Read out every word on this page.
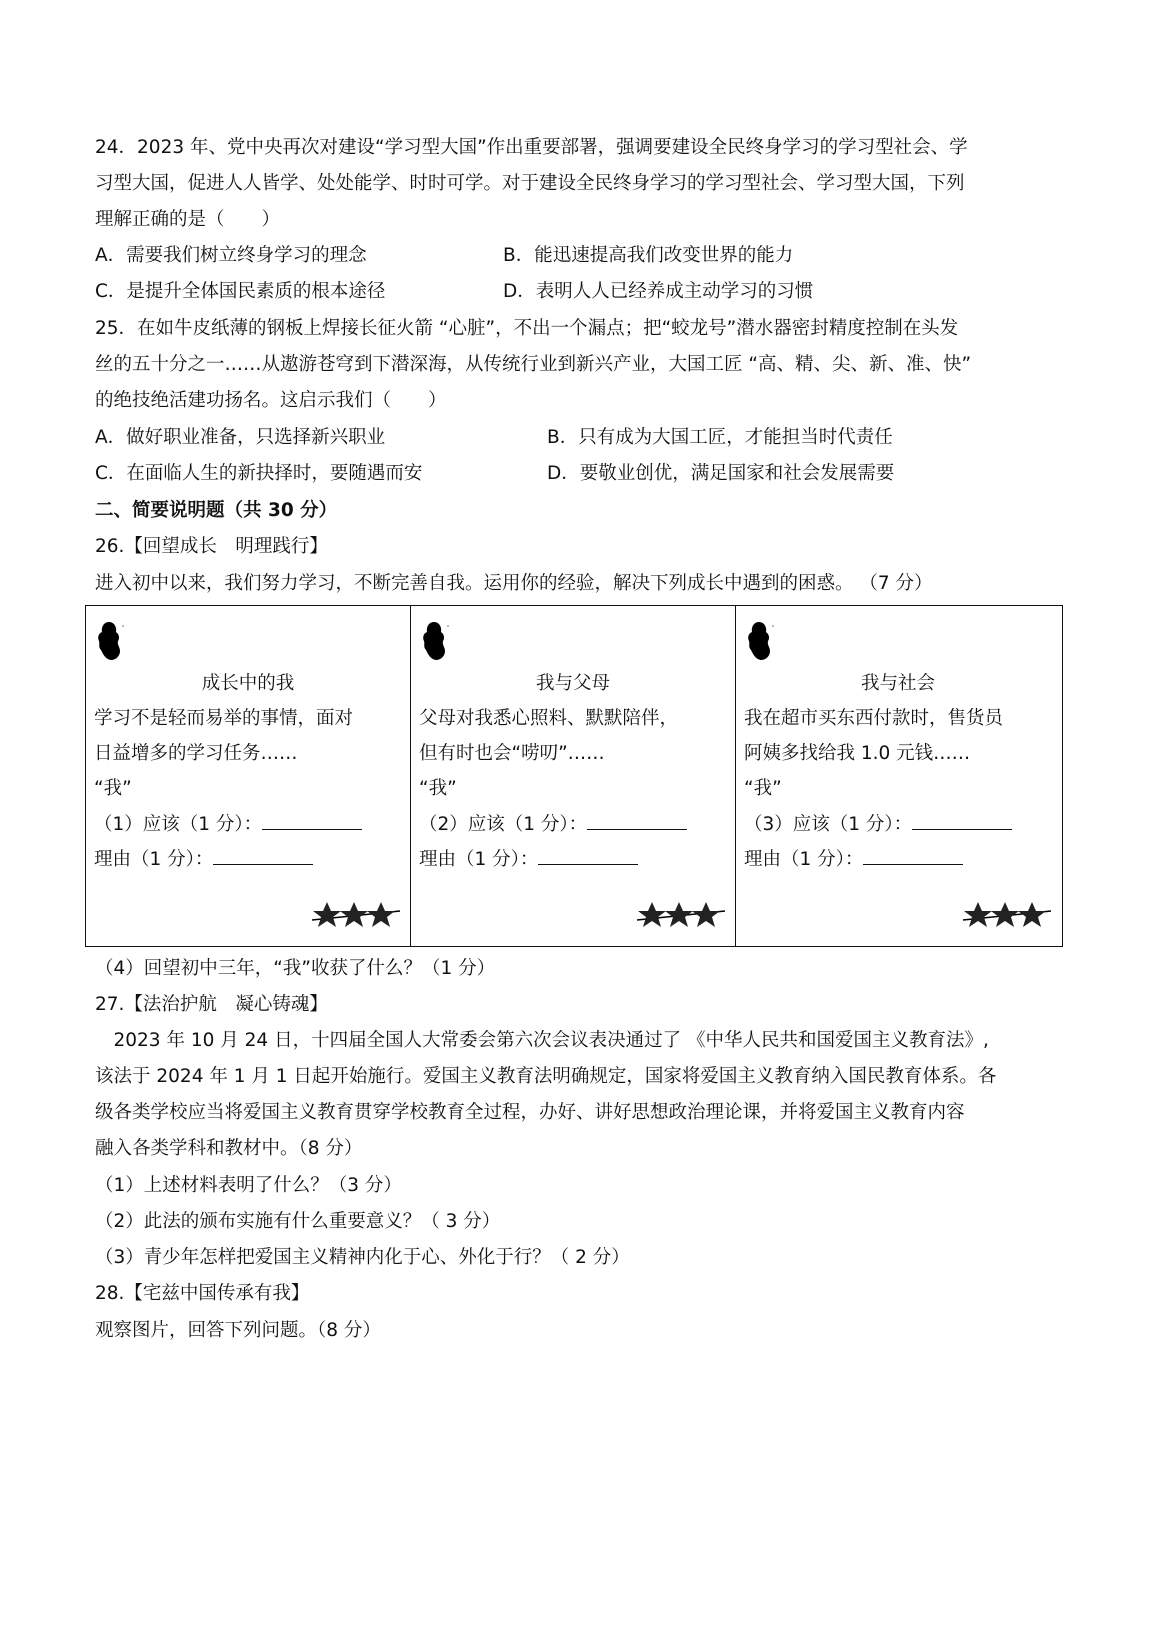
24．2023 年、党中央再次对建设“学习型大国”作出重要部署，强调要建设全民终身学习的学习型社会、学
习型大国，促进人人皆学、处处能学、时时可学。对于建设全民终身学习的学习型社会、学习型大国，下列
理解正确的是（　　）
A．需要我们树立终身学习的理念	B．能迅速提高我们改变世界的能力
C．是提升全体国民素质的根本途径	D．表明人人已经养成主动学习的习惯
25．在如牛皮纸薄的钢板上焊接长征火箭 “心脏”，不出一个漏点；把“蛟龙号”潜水器密封精度控制在头发
丝的五十分之一……从遨游苍穹到下潜深海，从传统行业到新兴产业，大国工匠 “高、精、尖、新、准、快”
的绝技绝活建功扬名。这启示我们（　　）
A．做好职业准备，只选择新兴职业	B．只有成为大国工匠，才能担当时代责任
C．在面临人生的新抉择时，要随遇而安	D．要敬业创优，满足国家和社会发展需要
二、简要说明题（共 30 分）
26.【回望成长　明理践行】
进入初中以来，我们努力学习，不断完善自我。运用你的经验，解决下列成长中遇到的困惑。 （7 分）
成长中的我
学习不是轻而易举的事情，面对
日益增多的学习任务……
“我”
（1）应该（1 分）：
理由（1 分）：
我与父母
父母对我悉心照料、默默陪伴，
但有时也会“唠叨”……
“我”
（2）应该（1 分）：
理由（1 分）：
我与社会
我在超市买东西付款时，售货员
阿姨多找给我 1.0 元钱……
“我”
（3）应该（1 分）：
理由（1 分）：
（4）回望初中三年，“我”收获了什么？（1 分）
27.【法治护航　凝心铸魂】
　2023 年 10 月 24 日，十四届全国人大常委会第六次会议表决通过了 《中华人民共和国爱国主义教育法》,
该法于 2024 年 1 月 1 日起开始施行。爱国主义教育法明确规定，国家将爱国主义教育纳入国民教育体系。各
级各类学校应当将爱国主义教育贯穿学校教育全过程，办好、讲好思想政治理论课，并将爱国主义教育内容
融入各类学科和教材中。（8 分）
（1）上述材料表明了什么？（3 分）
（2）此法的颁布实施有什么重要意义？（ 3 分）
（3）青少年怎样把爱国主义精神内化于心、外化于行？（ 2 分）
28.【宅兹中国传承有我】
观察图片，回答下列问题。（8 分）
